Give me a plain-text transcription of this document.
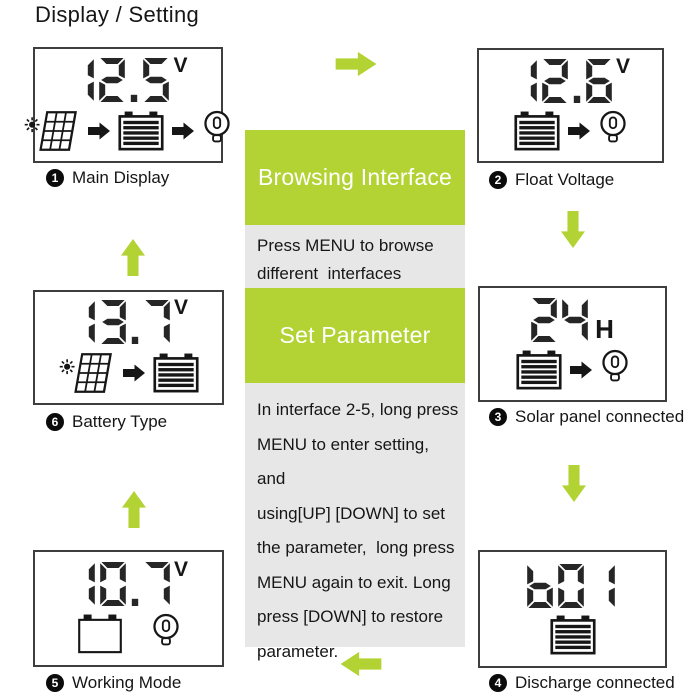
Display / Setting
V
1 Main Display
V
2 Float Voltage
H
3 Solar panel connected
4 Discharge connected
V
5 Working Mode
V
6 Battery Type
Browsing Interface
Press MENU to browse
different  interfaces
Set Parameter
In interface 2-5, long press
MENU to enter setting, and
using[UP] [DOWN] to set
the parameter,  long press
MENU again to exit. Long
press [DOWN] to restore
parameter.
